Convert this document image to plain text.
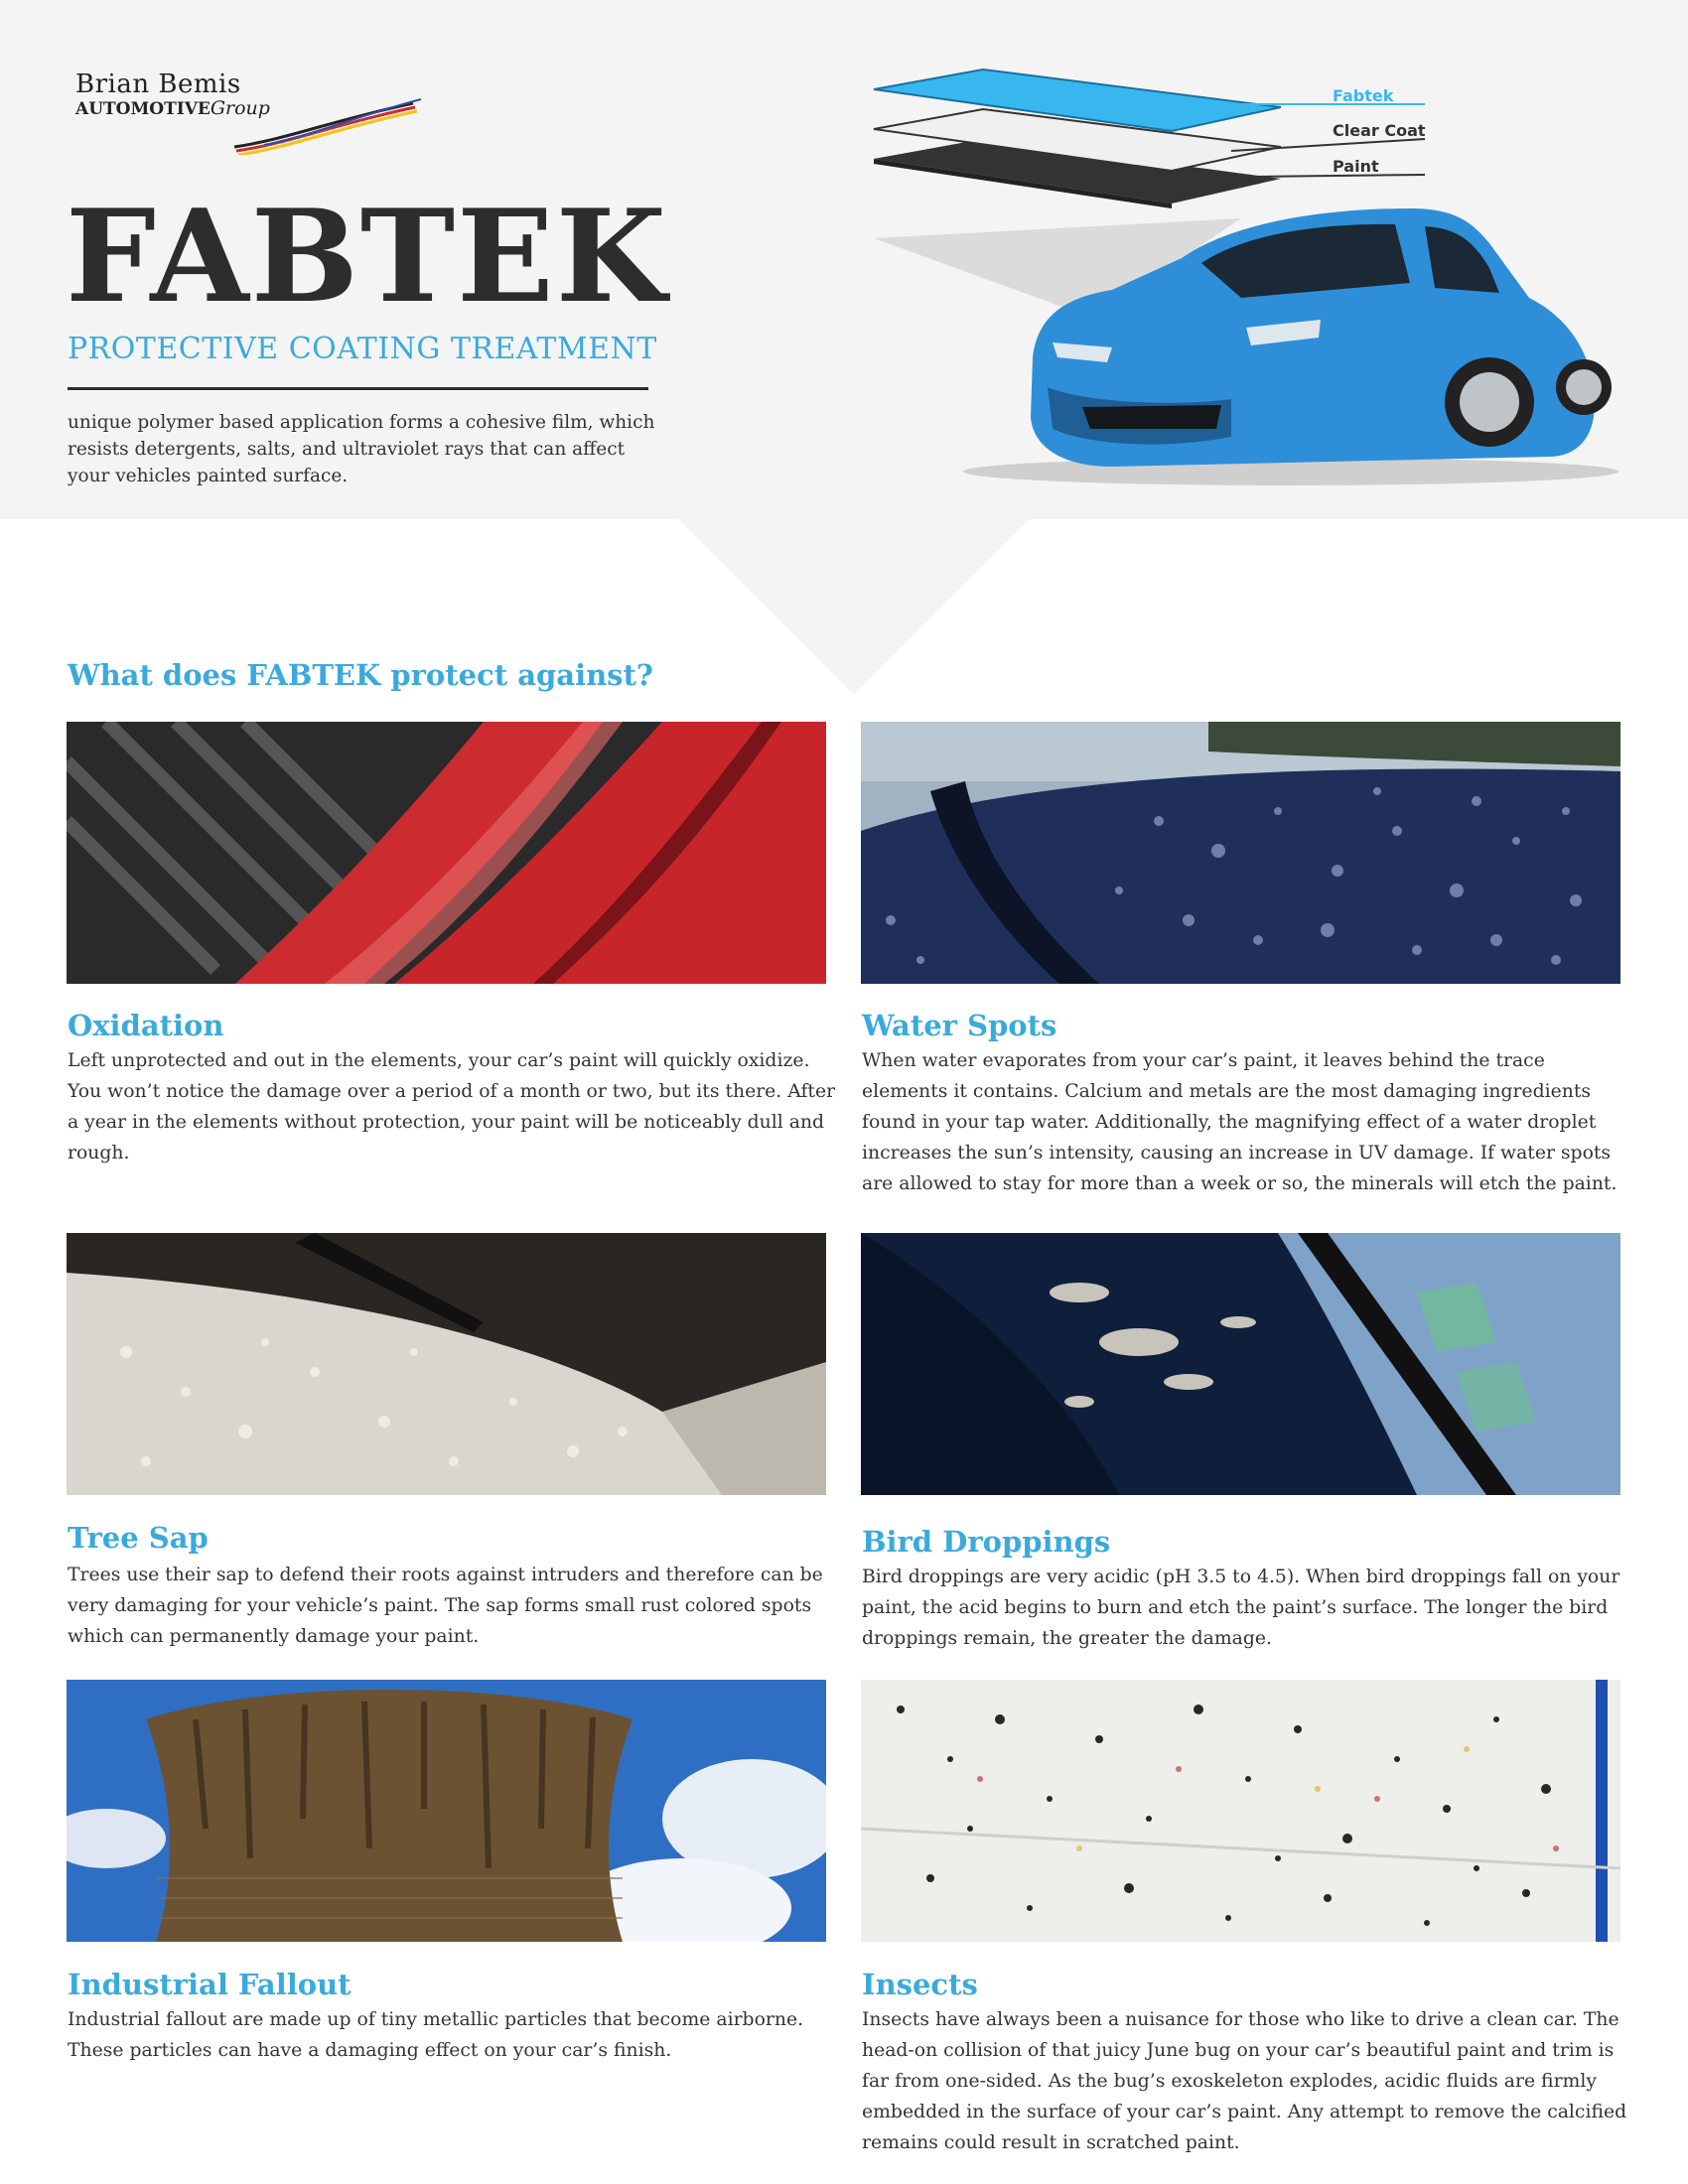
Brian Bemis
AUTOMOTIVEGroup
FABTEK
PROTECTIVE COATING TREATMENT
unique polymer based application forms a cohesive film, which resists detergents, salts, and ultraviolet rays that can affect your vehicles painted surface.
Fabtek
Clear Coat
Paint
What does FABTEK protect against?
Oxidation
Left unprotected and out in the elements, your car’s paint will quickly oxidize. You won’t notice the damage over a period of a month or two, but its there. After a year in the elements without protection, your paint will be noticeably dull and rough.
Water Spots
When water evaporates from your car’s paint, it leaves behind the trace elements it contains. Calcium and metals are the most damaging ingredients found in your tap water. Additionally, the magnifying effect of a water droplet increases the sun’s intensity, causing an increase in UV damage. If water spots are allowed to stay for more than a week or so, the minerals will etch the paint.
Tree Sap
Trees use their sap to defend their roots against intruders and therefore can be very damaging for your vehicle’s paint. The sap forms small rust colored spots which can permanently damage your paint.
Bird Droppings
Bird droppings are very acidic (pH 3.5 to 4.5). When bird droppings fall on your paint, the acid begins to burn and etch the paint’s surface. The longer the bird droppings remain, the greater the damage.
Industrial Fallout
Industrial fallout are made up of tiny metallic particles that become airborne. These particles can have a damaging effect on your car’s finish.
Insects
Insects have always been a nuisance for those who like to drive a clean car. The head-on collision of that juicy June bug on your car’s beautiful paint and trim is far from one-sided. As the bug’s exoskeleton explodes, acidic fluids are firmly embedded in the surface of your car’s paint. Any attempt to remove the calcified remains could result in scratched paint.
